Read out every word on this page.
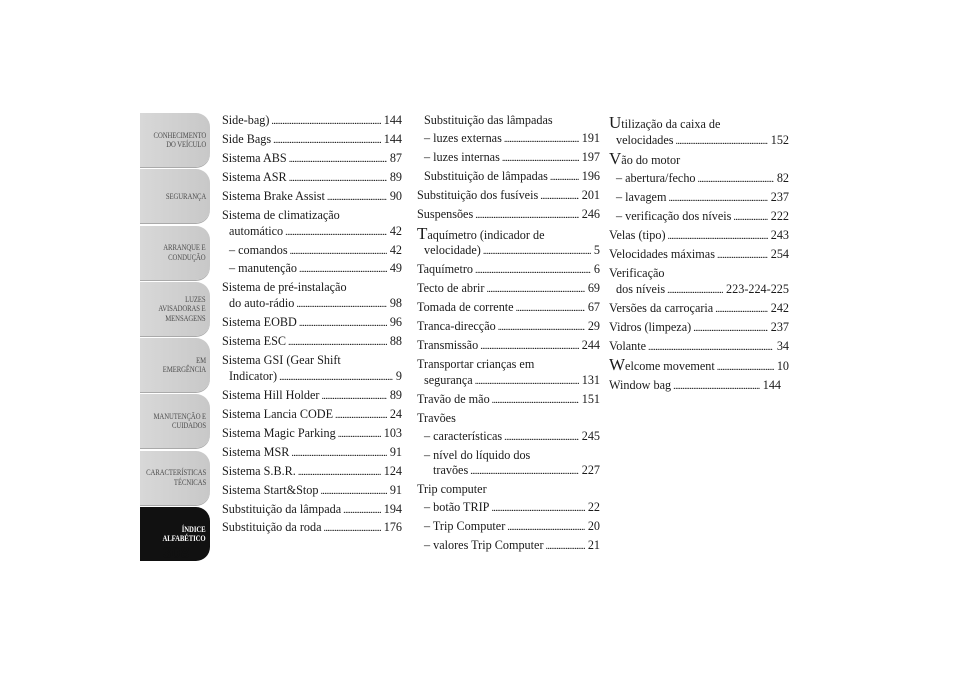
CONHECIMENTO
DO VEÍCULO
SEGURANÇA
ARRANQUE E
CONDUÇÃO
LUZES
AVISADORAS E
MENSAGENS
EM EMERGÊNCIA
MANUTENÇÃO E
CUIDADOS
CARACTERÍSTICAS
TÉCNICAS
ÍNDICE
ALFABÉTICO
308
Side-bag) . . .	144
Side Bags . . .	144
Sistema ABS . . .	87
Sistema ASR . . .	89
Sistema Brake Assist . . .	90
Sistema de climatização
automático . . .	42
– comandos . . .	42
– manutenção . . .	49
Sistema de pré-instalação
do auto-rádio . . .	98
Sistema EOBD . . .	96
Sistema ESC . . .	88
Sistema GSI (Gear Shift
Indicator) . . .	9
Sistema Hill Holder . . .	89
Sistema Lancia CODE . . .	24
Sistema Magic Parking . . .	103
Sistema MSR . . .	91
Sistema S.B.R. . . .	124
Sistema Start&Stop . . .	91
Substituição da lâmpada . . .	194
Substituição da roda . . .	176
Substituição das lâmpadas
– luzes externas . . .	191
– luzes internas . . .	197
Substituição de lâmpadas . . .	196
Substituição dos fusíveis . . .	201
Suspensões . . .	246
Taquímetro (indicador de
velocidade) . . .	5
Taquímetro . . .	6
Tecto de abrir . . .	69
Tomada de corrente . . .	67
Tranca-direcção . . .	29
Transmissão . . .	244
Transportar crianças em
segurança . . .	131
Travão de mão . . .	151
Travões
– características . . .	245
– nível do líquido dos
travões . . .	227
Trip computer
– botão TRIP . . .	22
– Trip Computer . . .	20
– valores Trip Computer . . .	21
Utilização da caixa de
velocidades . . .	152
Vão do motor
– abertura/fecho . . .	82
– lavagem . . .	237
– verificação dos níveis . . .	222
Velas (tipo) . . .	243
Velocidades máximas . . .	254
Verificação
dos níveis . . .	223-224-225
Versões da carroçaria . . .	242
Vidros (limpeza) . . .	237
Volante . . .	34
Welcome movement . . .	10
Window bag . . .	144
